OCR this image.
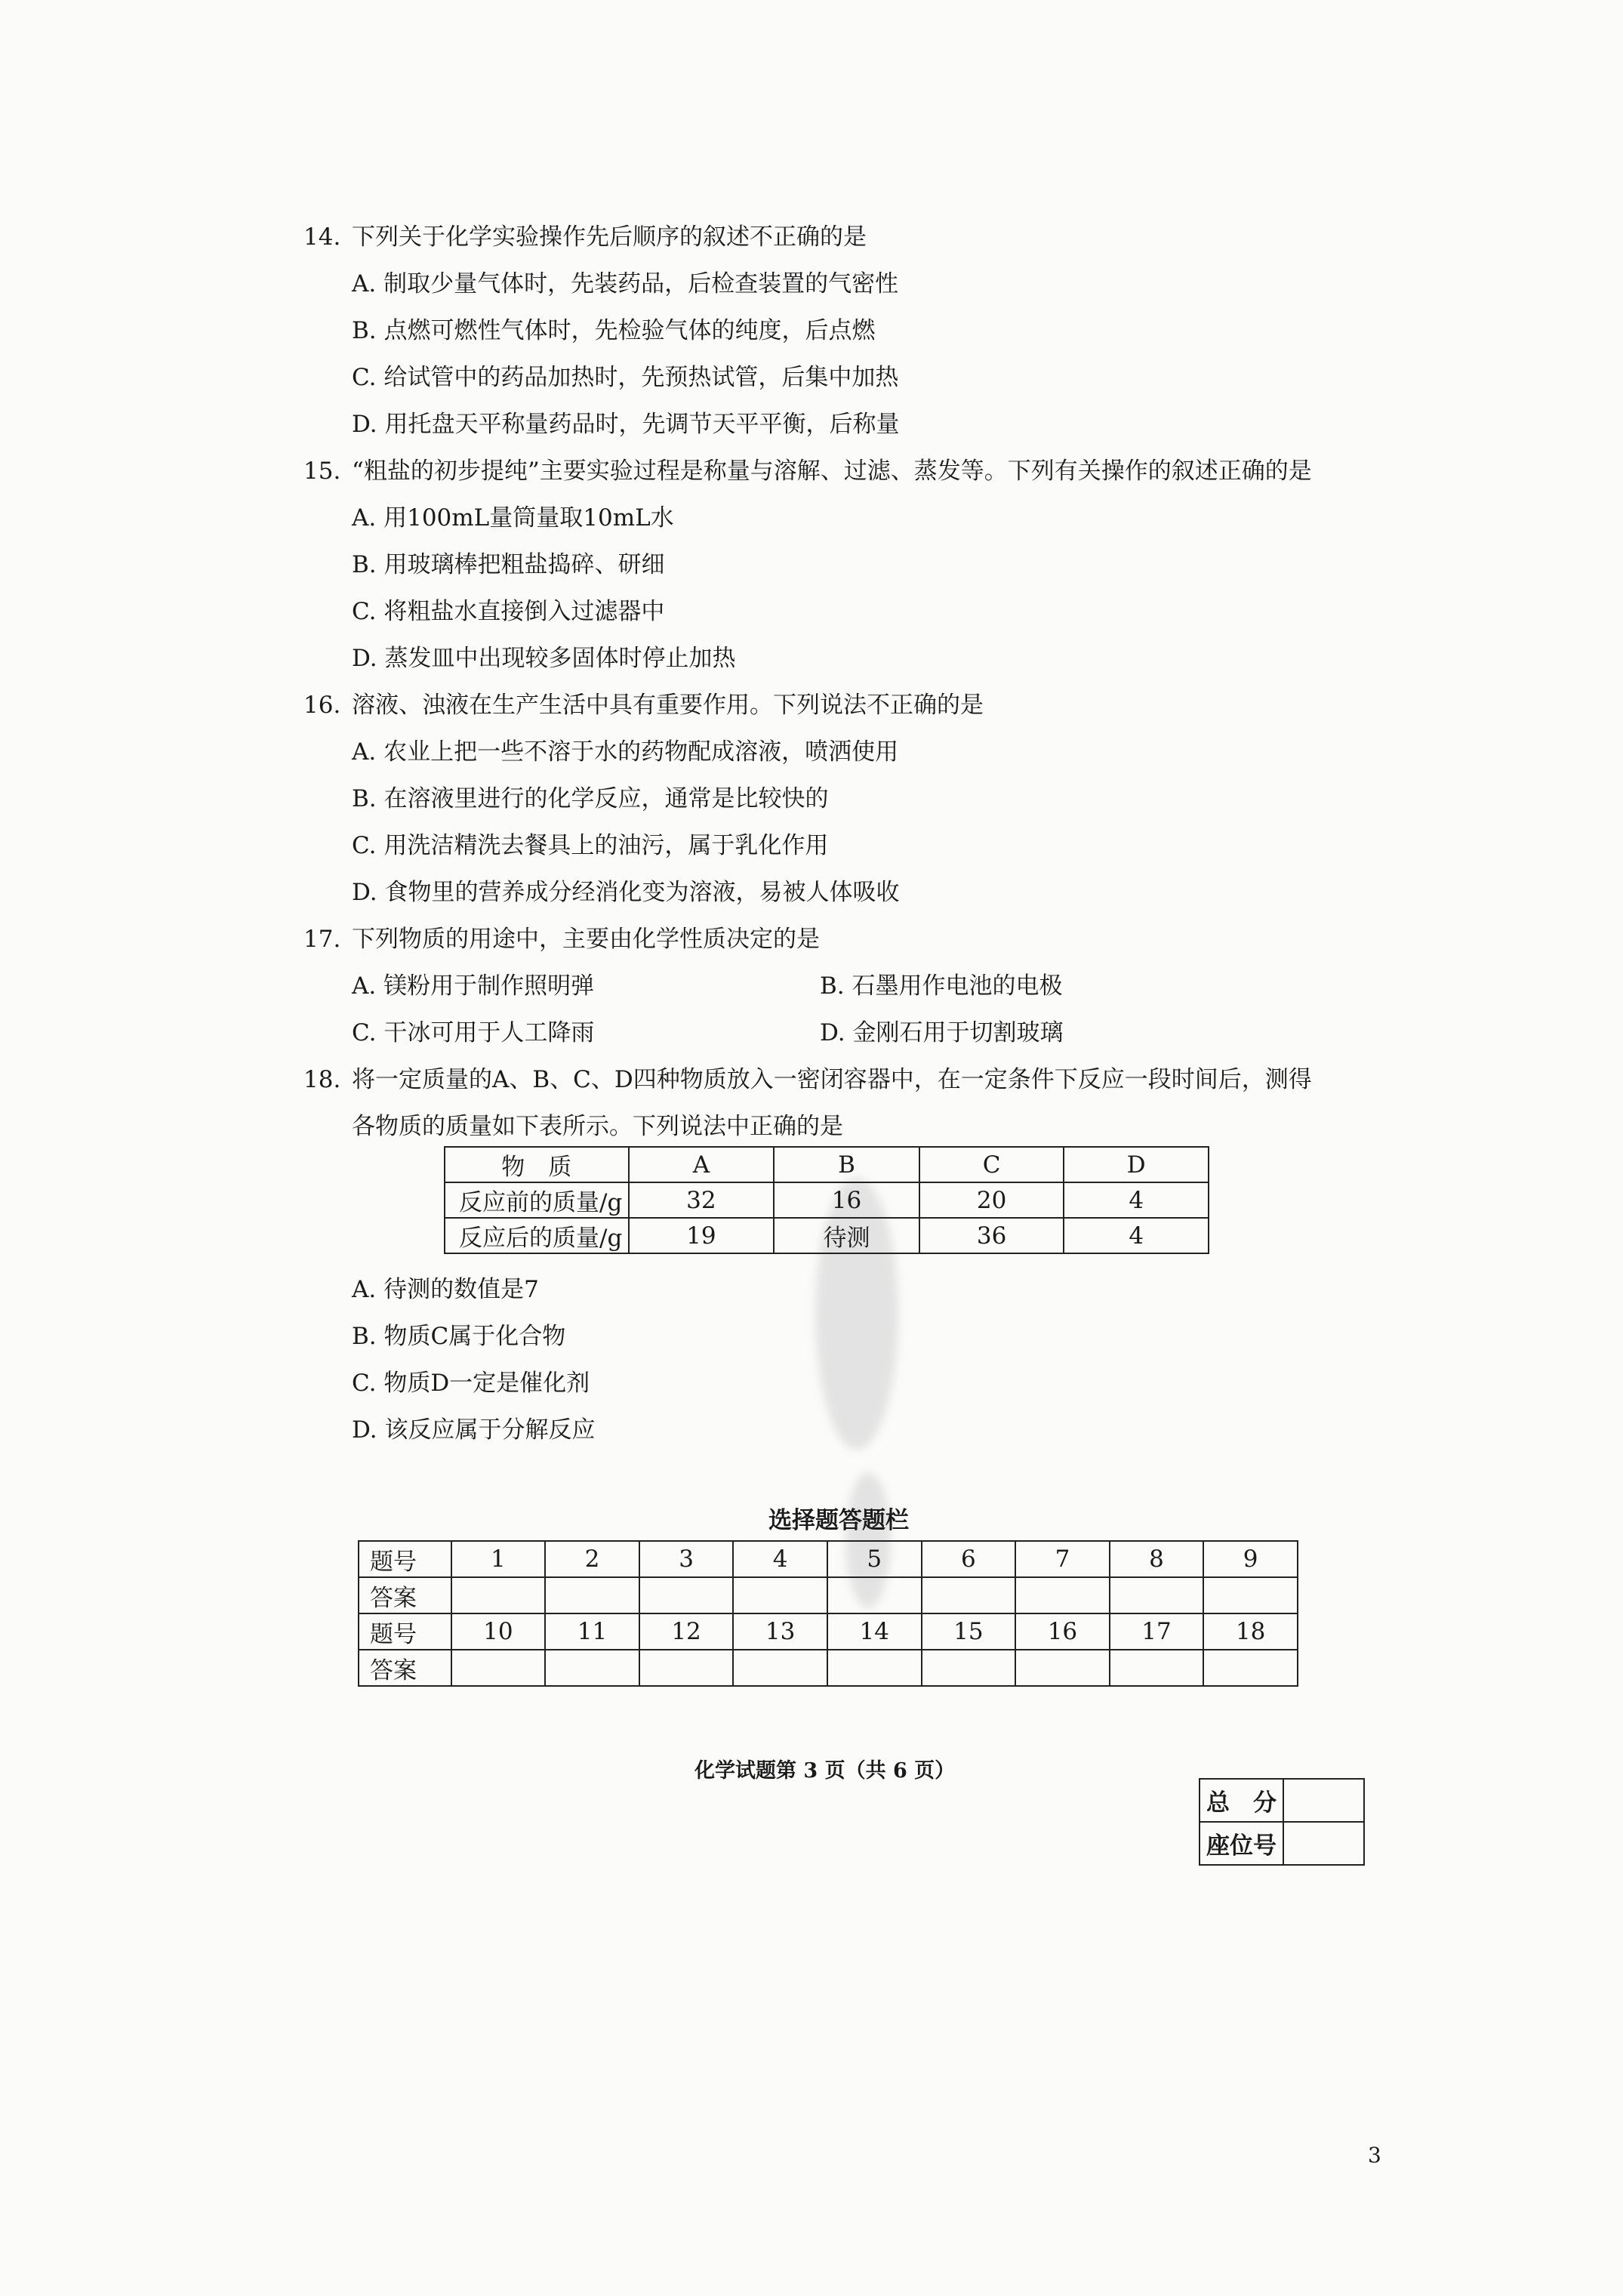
14. 下列关于化学实验操作先后顺序的叙述不正确的是
A. 制取少量气体时，先装药品，后检查装置的气密性
B. 点燃可燃性气体时，先检验气体的纯度，后点燃
C. 给试管中的药品加热时，先预热试管，后集中加热
D. 用托盘天平称量药品时，先调节天平平衡，后称量
15. “粗盐的初步提纯”主要实验过程是称量与溶解、过滤、蒸发等。下列有关操作的叙述正确的是
A. 用100mL量筒量取10mL水
B. 用玻璃棒把粗盐捣碎、研细
C. 将粗盐水直接倒入过滤器中
D. 蒸发皿中出现较多固体时停止加热
16. 溶液、浊液在生产生活中具有重要作用。下列说法不正确的是
A. 农业上把一些不溶于水的药物配成溶液，喷洒使用
B. 在溶液里进行的化学反应，通常是比较快的
C. 用洗洁精洗去餐具上的油污，属于乳化作用
D. 食物里的营养成分经消化变为溶液，易被人体吸收
17. 下列物质的用途中，主要由化学性质决定的是
A. 镁粉用于制作照明弹	B. 石墨用作电池的电极
C. 干冰可用于人工降雨	D. 金刚石用于切割玻璃
18. 将一定质量的A、B、C、D四种物质放入一密闭容器中，在一定条件下反应一段时间后，测得
各物质的质量如下表所示。下列说法中正确的是
物　质	A	B	C	D
反应前的质量/g	32	16	20	4
反应后的质量/g	19	待测	36	4
A. 待测的数值是7
B. 物质C属于化合物
C. 物质D一定是催化剂
D. 该反应属于分解反应
选择题答题栏
题号	1	2	3	4	5	6	7	8	9
答案									
题号	10	11	12	13	14	15	16	17	18
答案									
化学试题第 3 页（共 6 页）
总　分	
座位号	
3
